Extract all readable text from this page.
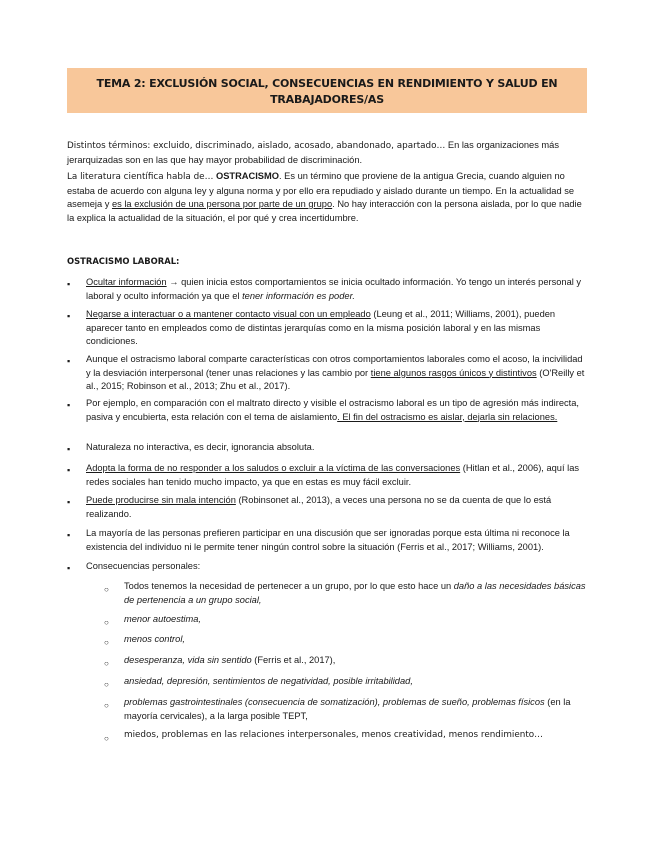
TEMA 2: EXCLUSIÓN SOCIAL, CONSECUENCIAS EN RENDIMIENTO Y SALUD EN
TRABAJADORES/AS
Distintos términos: excluido, discriminado, aislado, acosado, abandonado, apartado… En las organizaciones más jerarquizadas son en las que hay mayor probabilidad de discriminación.
La literatura científica habla de… OSTRACISMO. Es un término que proviene de la antigua Grecia, cuando alguien no estaba de acuerdo con alguna ley y alguna norma y por ello era repudiado y aislado durante un tiempo. En la actualidad se asemeja y es la exclusión de una persona por parte de un grupo. No hay interacción con la persona aislada, por lo que nadie la explica la actualidad de la situación, el por qué y crea incertidumbre.
OSTRACISMO LABORAL:
▪ Ocultar información → quien inicia estos comportamientos se inicia ocultado información. Yo tengo un interés personal y laboral y oculto información ya que el tener información es poder.
▪ Negarse a interactuar o a mantener contacto visual con un empleado (Leung et al., 2011; Williams, 2001), pueden aparecer tanto en empleados como de distintas jerarquías como en la misma posición laboral y en las mismas condiciones.
▪ Aunque el ostracismo laboral comparte características con otros comportamientos laborales como el acoso, la incivilidad y la desviación interpersonal (tener unas relaciones y las cambio por tiene algunos rasgos únicos y distintivos (O'Reilly et al., 2015; Robinson et al., 2013; Zhu et al., 2017).
▪ Por ejemplo, en comparación con el maltrato directo y visible el ostracismo laboral es un tipo de agresión más indirecta, pasiva y encubierta, esta relación con el tema de aislamiento. El fin del ostracismo es aislar, dejarla sin relaciones.
▪ Naturaleza no interactiva, es decir, ignorancia absoluta.
▪ Adopta la forma de no responder a los saludos o excluir a la víctima de las conversaciones (Hitlan et al., 2006), aquí las redes sociales han tenido mucho impacto, ya que en estas es muy fácil excluir.
▪ Puede producirse sin mala intención (Robinsonet al., 2013), a veces una persona no se da cuenta de que lo está realizando.
▪ La mayoría de las personas prefieren participar en una discusión que ser ignoradas porque esta última ni reconoce la existencia del individuo ni le permite tener ningún control sobre la situación (Ferris et al., 2017; Williams, 2001).
▪ Consecuencias personales:
○ Todos tenemos la necesidad de pertenecer a un grupo, por lo que esto hace un daño a las necesidades básicas de pertenencia a un grupo social,
○ menor autoestima,
○ menos control,
○ desesperanza, vida sin sentido (Ferris et al., 2017),
○ ansiedad, depresión, sentimientos de negatividad, posible irritabilidad,
○ problemas gastrointestinales (consecuencia de somatización), problemas de sueño, problemas físicos (en la mayoría cervicales), a la larga posible TEPT,
○ miedos, problemas en las relaciones interpersonales, menos creatividad, menos rendimiento…
